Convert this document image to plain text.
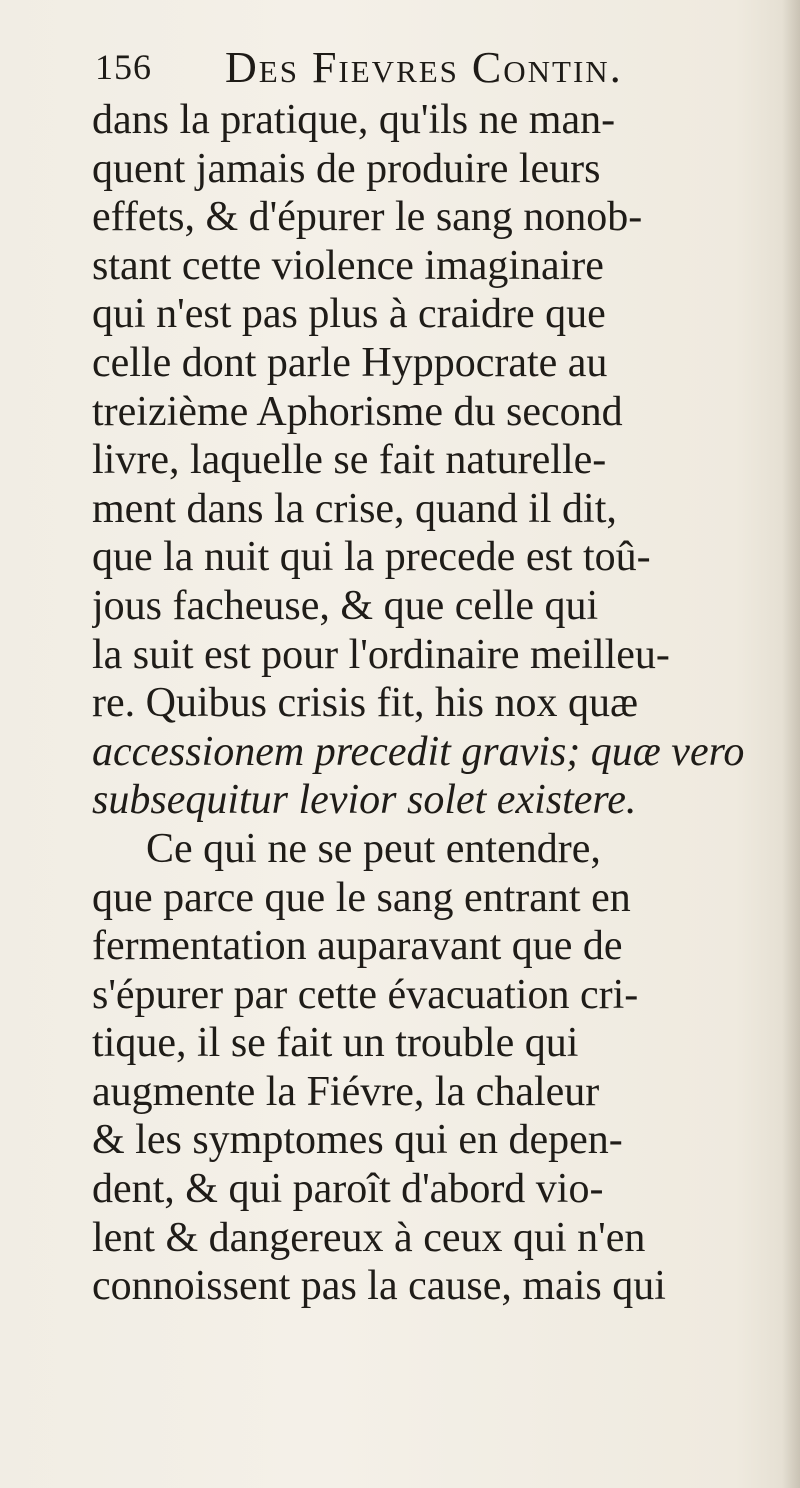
156 Des Fievres Contin.
dans la pratique, qu'ils ne man-
quent jamais de produire leurs
effets, & d'épurer le sang nonob-
stant cette violence imaginaire
qui n'est pas plus à craidre que
celle dont parle Hyppocrate au
treizième Aphorisme du second
livre, laquelle se fait naturelle-
ment dans la crise, quand il dit,
que la nuit qui la precede est toû-
jous facheuse, & que celle qui
la suit est pour l'ordinaire meilleu-
re. Quibus crisis fit, his nox quæ
accessionem precedit gravis; quæ vero
subsequitur levior solet existere.
Ce qui ne se peut entendre,
que parce que le sang entrant en
fermentation auparavant que de
s'épurer par cette évacuation cri-
tique, il se fait un trouble qui
augmente la Fiévre, la chaleur
& les symptomes qui en depen-
dent, & qui paroît d'abord vio-
lent & dangereux à ceux qui n'en
connoissent pas la cause, mais qui
